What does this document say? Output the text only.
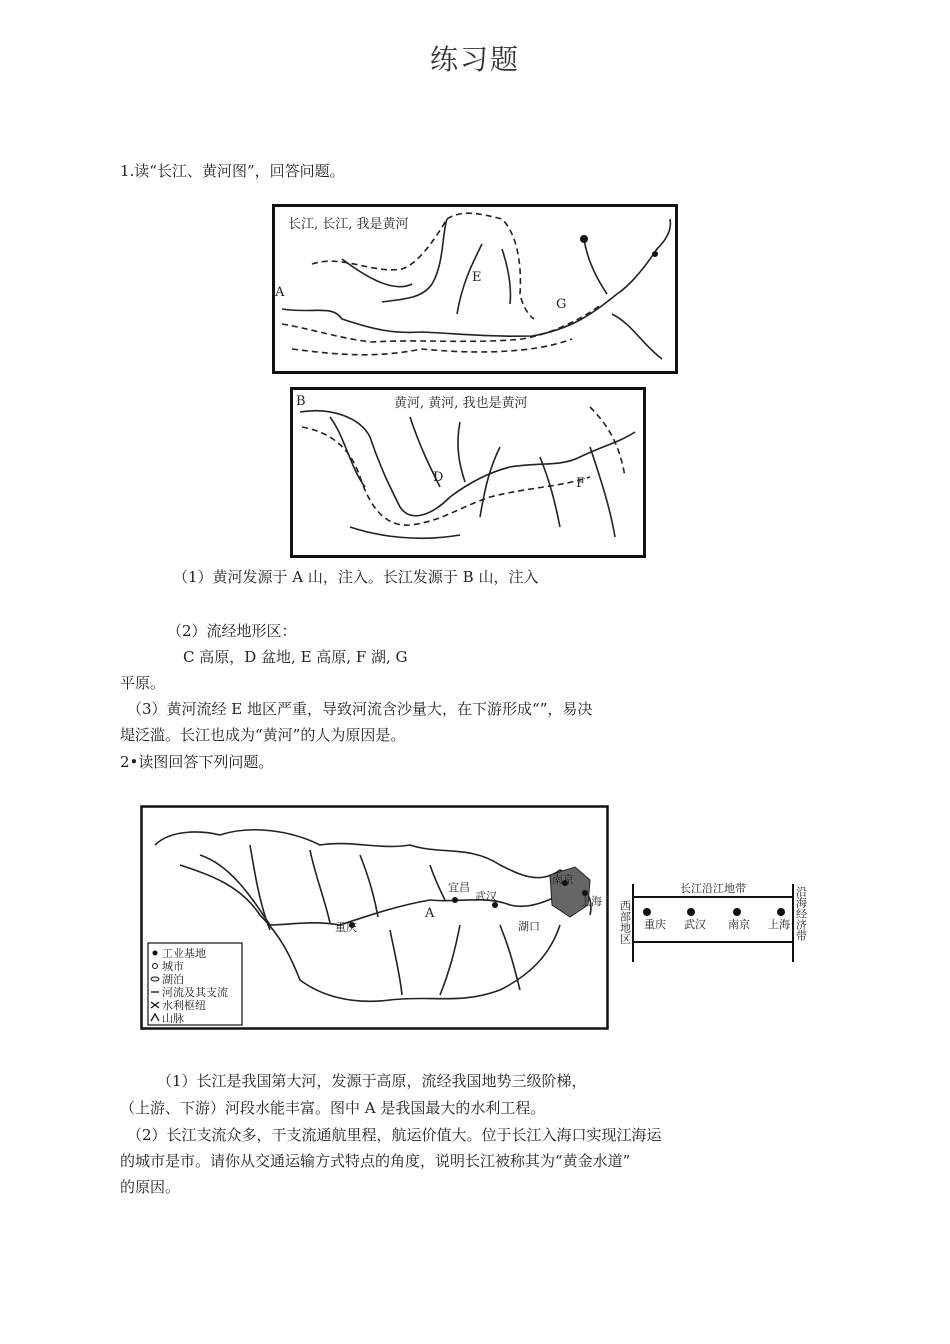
练习题
1.读“长江、黄河图”，回答问题。
长江, 长江, 我是黄河
A
E
G
黄河, 黄河, 我也是黄河
B
D	F
（1）黄河发源于 A 山，注入。长江发源于 B 山，注入
（2）流经地形区：
C 高原，D 盆地, E 高原, F 湖, G
平原。
（3）黄河流经 E 地区严重，导致河流含沙量大，在下游形成“”，易决
堤泛滥。长江也成为“黄河”的人为原因是。
2•读图回答下列问题。
重庆
武汉
宜昌
南京
上海
湖口
A
工业基地
城市
湖泊
河流及其支流
水利枢纽
山脉
西部地区	沿海经济带
长江沿江地带
重庆 武汉 南京 上海
（1）长江是我国第大河，发源于高原，流经我国地势三级阶梯，
（上游、下游）河段水能丰富。图中 A 是我国最大的水利工程。
（2）长江支流众多，干支流通航里程，航运价值大。位于长江入海口实现江海运
的城市是市。请你从交通运输方式特点的角度，说明长江被称其为“黄金水道”
的原因。
